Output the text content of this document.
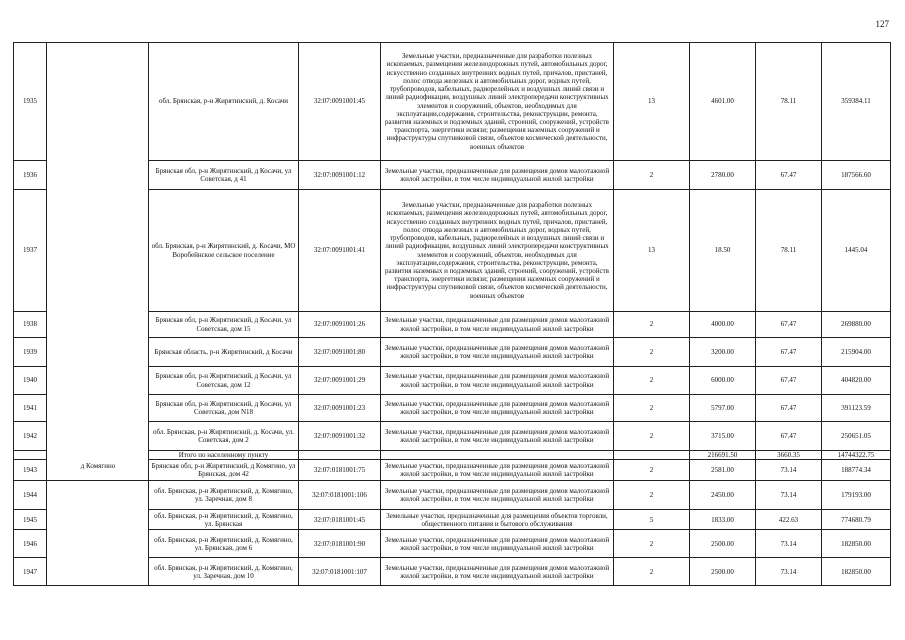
127
1935		обл. Брянская, р-н Жирятинский, д. Косачи	32:07:0091001:45	Земельные участки, предназначенные для разработки полезных ископаемых, размещения железнодорожных путей, автомобильных дорог, искусственно созданных внутренних водных путей, причалов, пристаней, полос отвода железных и автомобильных дорог, водных путей, трубопроводов, кабельных, радиорелейных и воздушных линий связи и линий радиофикации, воздушных линий электропередачи конструктивных элементов и сооружений, объектов, необходимых для эксплуатации,содержания, строительства, реконструкции, ремонта, развития наземных и подземных зданий, строений, сооружений, устройств транспорта, энергетики исвязи; размещения наземных сооружений и инфраструктуры спутниковой связи, объектов космической деятельности, военных объектов	13	4601.00	78.11	359384.11
1936		Брянская обл, р-н Жирятинский, д Косачи, ул Советская, д 41	32:07:0091001:12	Земельные участки, предназначенные для размещения домов малоэтажной жилой застройки, в том числе индивидуальной жилой застройки	2	2780.00	67.47	187566.60
1937		обл. Брянская, р-н Жирятинский, д. Косачи, МО Воробейнское сельское поселение	32:07:0091001:41	Земельные участки, предназначенные для разработки полезных ископаемых, размещения железнодорожных путей, автомобильных дорог, искусственно созданных внутренних водных путей, причалов, пристаней, полос отвода железных и автомобильных дорог, водных путей, трубопроводов, кабельных, радиорелейных и воздушных линий связи и линий радиофикации, воздушных линий электропередачи конструктивных элементов и сооружений, объектов, необходимых для эксплуатации,содержания, строительства, реконструкции, ремонта, развития наземных и подземных зданий, строений, сооружений, устройств транспорта, энергетики исвязи; размещения наземных сооружений и инфраструктуры спутниковой связи, объектов космической деятельности, военных объектов	13	18.50	78.11	1445.04
1938		Брянская обл, р-н Жирятинский, д Косачи, ул Советская, дом 15	32:07:0091001:26	Земельные участки, предназначенные для размещения домов малоэтажной жилой застройки, в том числе индивидуальной жилой застройки	2	4000.00	67.47	269880.00
1939		Брянская область, р-н Жирятинский, д Косачи	32:07:0091001:80	Земельные участки, предназначенные для размещения домов малоэтажной жилой застройки, в том числе индивидуальной жилой застройки	2	3200.00	67.47	215904.00
1940		Брянская обл, р-н Жирятинский, д Косачи, ул Советская, дом 12	32:07:0091001:29	Земельные участки, предназначенные для размещения домов малоэтажной жилой застройки, в том числе индивидуальной жилой застройки	2	6000.00	67.47	404820.00
1941		Брянская обл, р-н Жирятинский, д Косачи, ул Советская, дом N18	32:07:0091001:23	Земельные участки, предназначенные для размещения домов малоэтажной жилой застройки, в том числе индивидуальной жилой застройки	2	5797.00	67.47	391123.59
1942		обл. Брянская, р-н Жирятинский, д. Косачи, ул. Советская, дом 2	32:07:0091001:32	Земельные участки, предназначенные для размещения домов малоэтажной жилой застройки, в том числе индивидуальной жилой застройки	2	3715.00	67.47	250651.05
		Итого по населенному пункту				216691.50	3660.35	14744322.75
1943		Брянская обл, р-н Жирятинский, д Комягино, ул Брянская, дом 42	32:07:0181001:75	Земельные участки, предназначенные для размещения домов малоэтажной жилой застройки, в том числе индивидуальной жилой застройки	2	2581.00	73.14	188774.34
1944		обл. Брянская, р-н Жирятинский, д. Комягино, ул. Заречная, дом 8	32:07:0181001:106	Земельные участки, предназначенные для размещения домов малоэтажной жилой застройки, в том числе индивидуальной жилой застройки	2	2450.00	73.14	179193.00
1945		обл. Брянская, р-н Жирятинский, д. Комягино, ул. Брянская	32:07:0181001:45	Земельные участки, предназначенные для размещения объектов торговли, общественного питания и бытового обслуживания	5	1833.00	422.63	774680.79
1946		обл. Брянская, р-н Жирятинский, д. Комягино, ул. Брянская, дом 6	32:07:0181001:90	Земельные участки, предназначенные для размещения домов малоэтажной жилой застройки, в том числе индивидуальной жилой застройки	2	2500.00	73.14	182850.00
1947		обл. Брянская, р-н Жирятинский, д. Комягино, ул. Заречная, дом 10	32:07:0181001:107	Земельные участки, предназначенные для размещения домов малоэтажной жилой застройки, в том числе индивидуальной жилой застройки	2	2500.00	73.14	182850.00
д Комягино
